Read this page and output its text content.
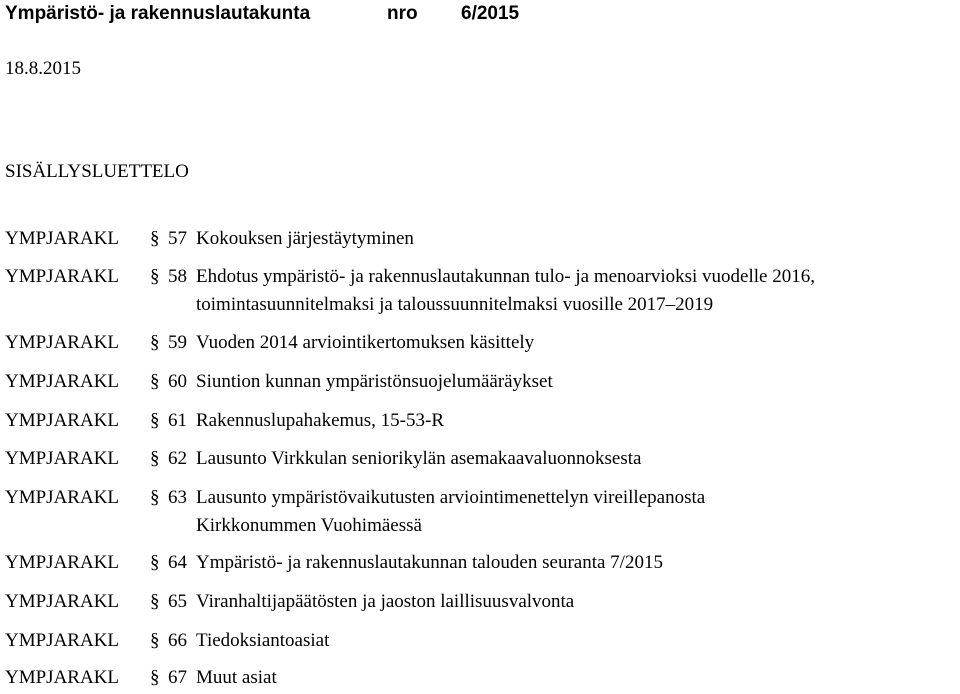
Ympäristö- ja rakennuslautakunta	nro 6/2015
18.8.2015
SISÄLLYSLUETTELO
YMPJARAKL § 57 Kokouksen järjestäytyminen
YMPJARAKL § 58 Ehdotus ympäristö- ja rakennuslautakunnan tulo- ja menoarvioksi vuodelle 2016,
toimintasuunnitelmaksi ja taloussuunnitelmaksi vuosille 2017–2019
YMPJARAKL § 59 Vuoden 2014 arviointikertomuksen käsittely
YMPJARAKL § 60 Siuntion kunnan ympäristönsuojelumääräykset
YMPJARAKL § 61 Rakennuslupahakemus, 15-53-R
YMPJARAKL § 62 Lausunto Virkkulan seniorikylän asemakaavaluonnoksesta
YMPJARAKL § 63 Lausunto ympäristövaikutusten arviointimenettelyn vireillepanosta
Kirkkonummen Vuohimäessä
YMPJARAKL § 64 Ympäristö- ja rakennuslautakunnan talouden seuranta 7/2015
YMPJARAKL § 65 Viranhaltijapäätösten ja jaoston laillisuusvalvonta
YMPJARAKL § 66 Tiedoksiantoasiat
YMPJARAKL § 67 Muut asiat
